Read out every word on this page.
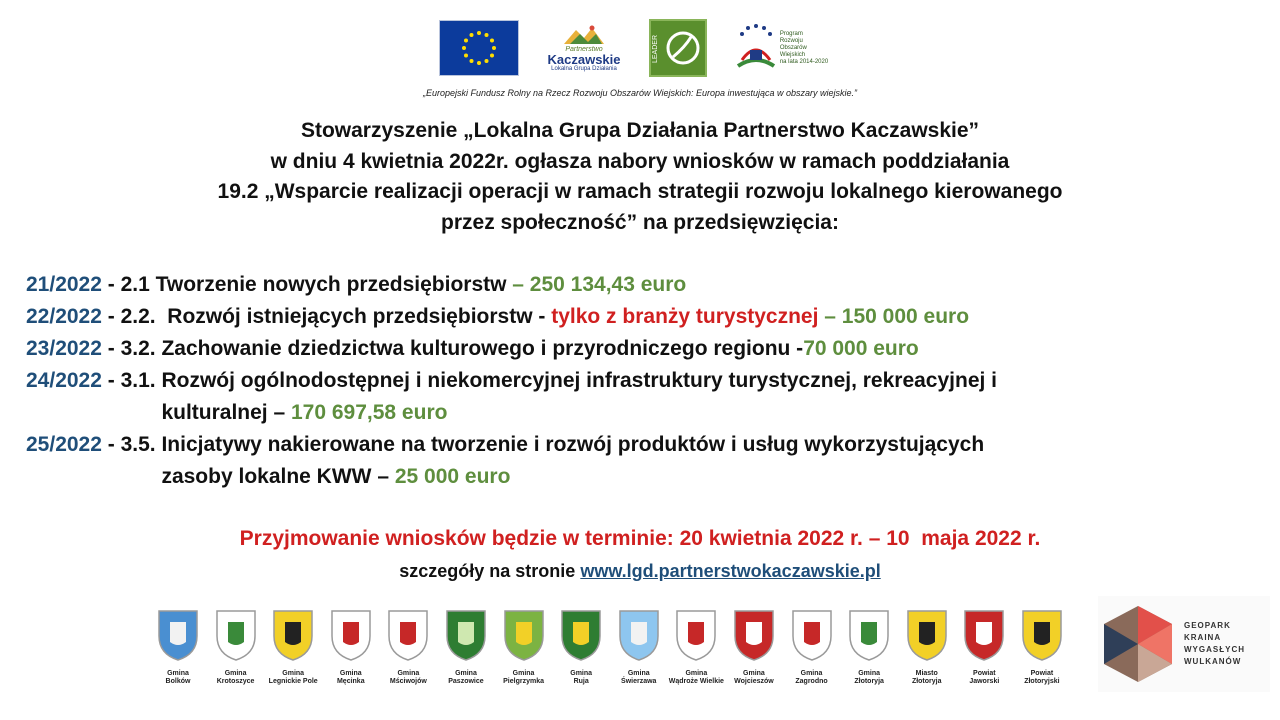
Partnerstwo
Kaczawskie
Lokalna Grupa Działania
LEADER
Program
Rozwoju
Obszarów
Wiejskich
na lata 2014-2020
„Europejski Fundusz Rolny na Rzecz Rozwoju Obszarów Wiejskich: Europa inwestująca w obszary wiejskie.”
Stowarzyszenie „Lokalna Grupa Działania Partnerstwo Kaczawskie”
w dniu 4 kwietnia 2022r. ogłasza nabory wniosków w ramach poddziałania
19.2 „Wsparcie realizacji operacji w ramach strategii rozwoju lokalnego kierowanego
przez społeczność” na przedsięwzięcia:
21/2022 - 2.1 Tworzenie nowych przedsiębiorstw – 250 134,43 euro
22/2022 - 2.2.  Rozwój istniejących przedsiębiorstw - tylko z branży turystycznej – 150 000 euro
23/2022 - 3.2. Zachowanie dziedzictwa kulturowego i przyrodniczego regionu - 70 000 euro
24/2022 - 3.1. Rozwój ogólnodostępnej i niekomercyjnej infrastruktury turystycznej, rekreacyjnej i
kulturalnej – 170 697,58 euro
25/2022 - 3.5. Inicjatywy nakierowane na tworzenie i rozwój produktów i usług wykorzystujących
zasoby lokalne KWW – 25 000 euro
Przyjmowanie wniosków będzie w terminie: 20 kwietnia 2022 r. – 10  maja 2022 r.
szczegóły na stronie www.lgd.partnerstwokaczawskie.pl
Gmina
Bolków
Gmina
Krotoszyce
Gmina
Legnickie Pole
Gmina
Męcinka
Gmina
Mściwojów
Gmina
Paszowice
Gmina
Pielgrzymka
Gmina
Ruja
Gmina
Świerzawa
Gmina
Wądroże Wielkie
Gmina
Wojcieszów
Gmina
Zagrodno
Gmina
Złotoryja
Miasto
Złotoryja
Powiat
Jaworski
Powiat
Złotoryjski
GEOPARK
KRAINA
WYGASŁYCH
WULKANÓW
